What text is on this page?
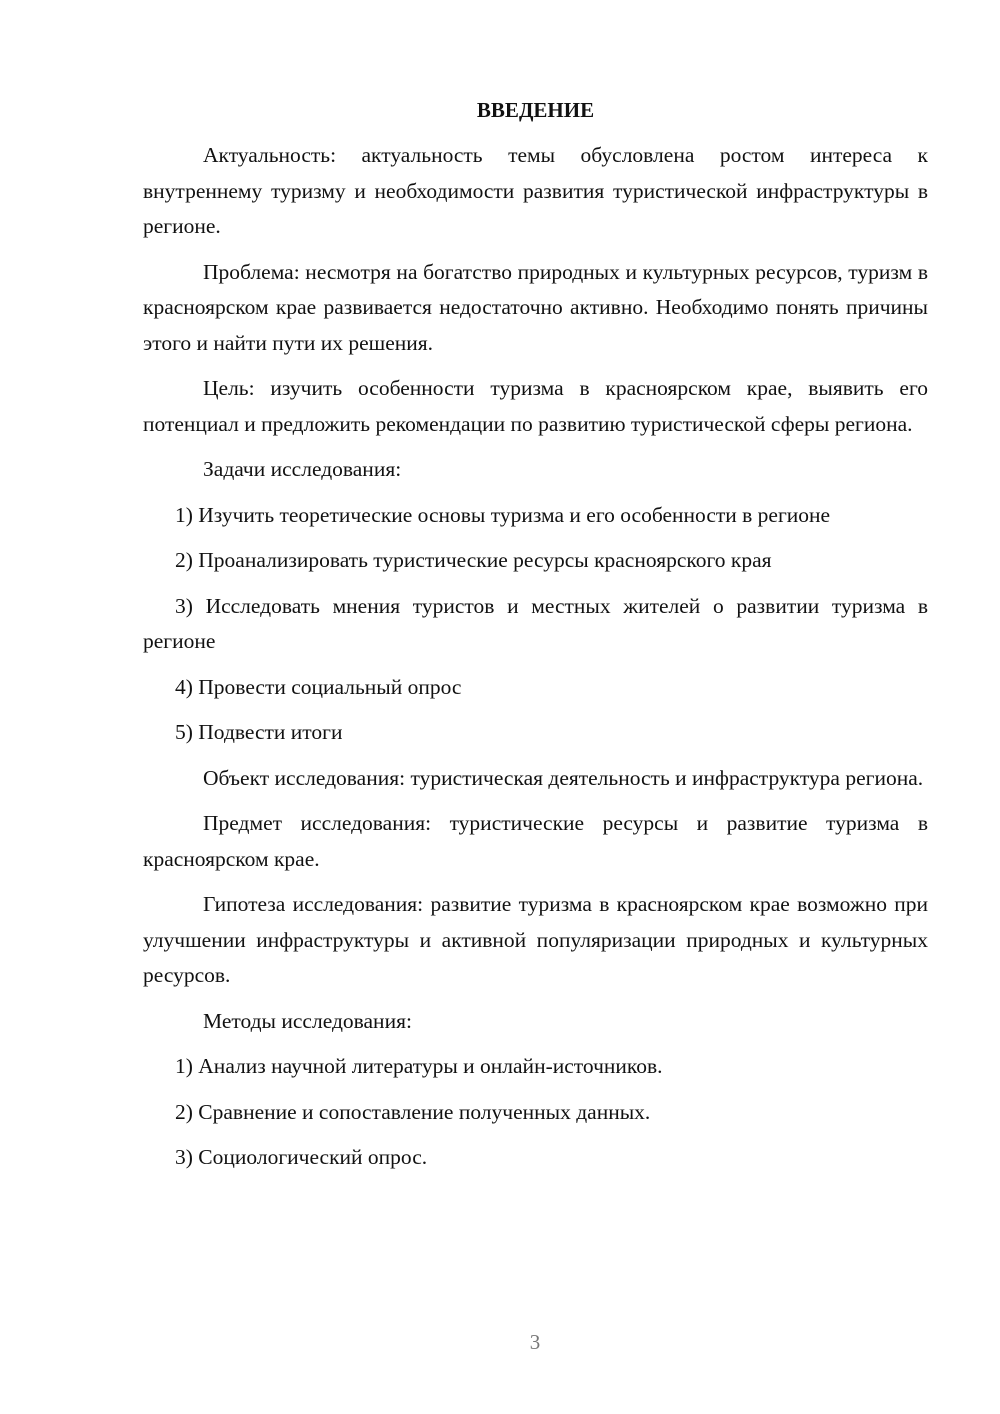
ВВЕДЕНИЕ

Актуальность: актуальность темы обусловлена ростом интереса к внутреннему туризму и необходимости развития туристической инфраструктуры в регионе.

Проблема: несмотря на богатство природных и культурных ресурсов, туризм в красноярском крае развивается недостаточно активно. Необходимо понять причины этого и найти пути их решения.

Цель: изучить особенности туризма в красноярском крае, выявить его потенциал и предложить рекомендации по развитию туристической сферы региона.

Задачи исследования:

1) Изучить теоретические основы туризма и его особенности в регионе

2) Проанализировать туристические ресурсы красноярского края

3) Исследовать мнения туристов и местных жителей о развитии туризма в регионе

4) Провести социальный опрос

5) Подвести итоги

Объект исследования: туристическая деятельность и инфраструктура региона.

Предмет исследования: туристические ресурсы и развитие туризма в красноярском крае.

Гипотеза исследования: развитие туризма в красноярском крае возможно при улучшении инфраструктуры и активной популяризации природных и культурных ресурсов.

Методы исследования:

1) Анализ научной литературы и онлайн-источников.

2) Сравнение и сопоставление полученных данных.

3) Социологический опрос.

3
